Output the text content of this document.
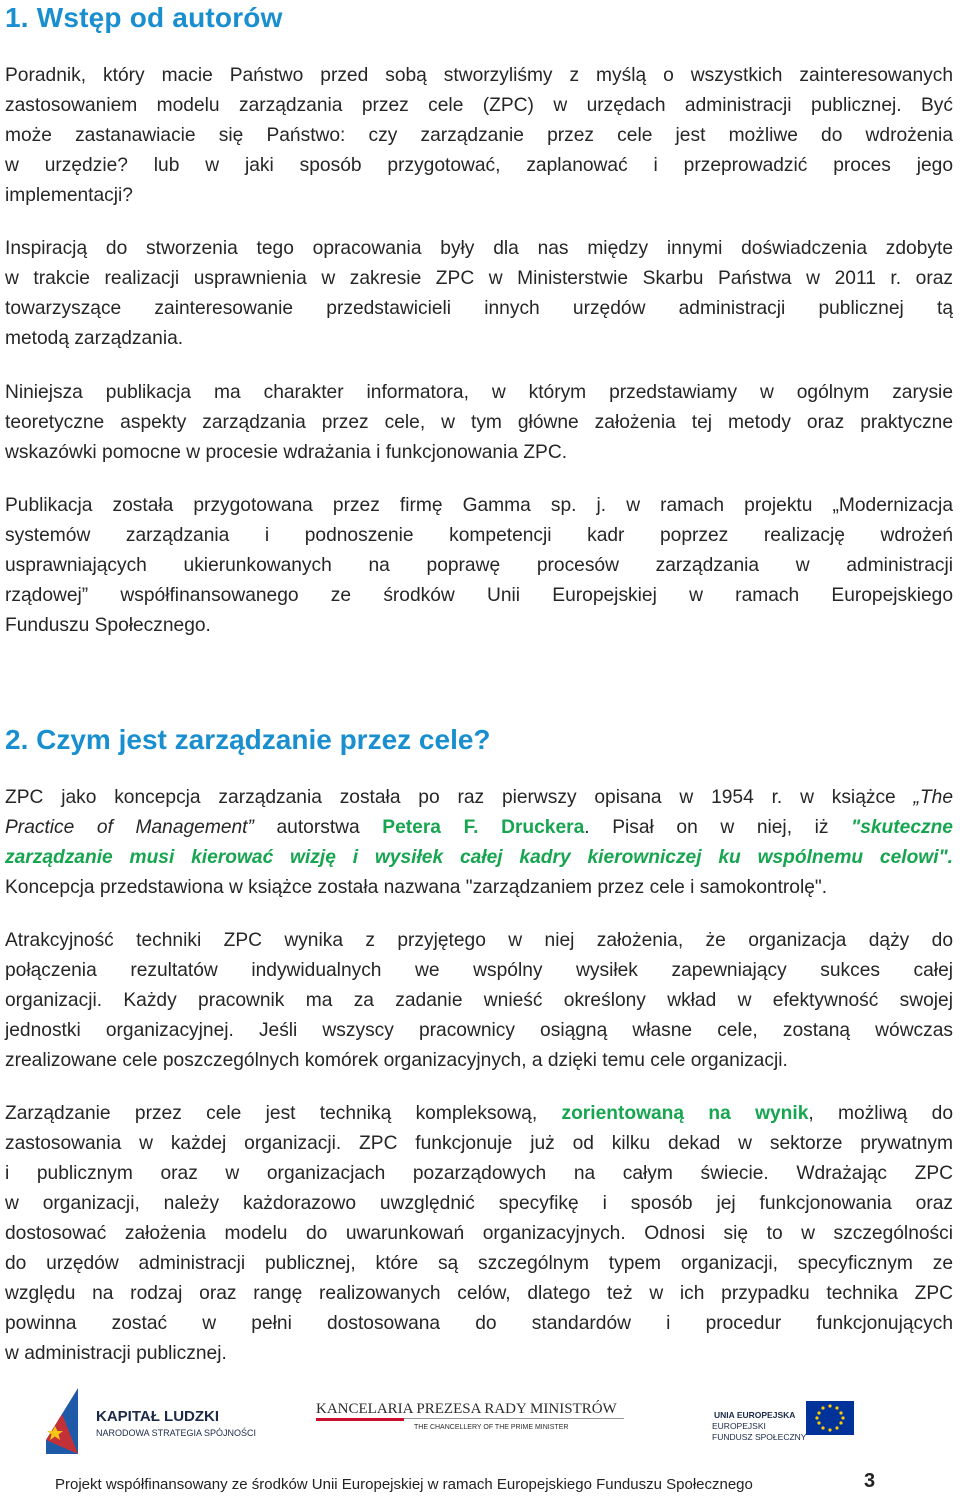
1. Wstęp od autorów
Poradnik, który macie Państwo przed sobą stworzyliśmy z myślą o wszystkich zainteresowanych
zastosowaniem modelu zarządzania przez cele (ZPC) w urzędach administracji publicznej. Być
może zastanawiacie się Państwo: czy zarządzanie przez cele jest możliwe do wdrożenia
w urzędzie? lub w jaki sposób przygotować, zaplanować i przeprowadzić proces jego
implementacji?
Inspiracją do stworzenia tego opracowania były dla nas między innymi doświadczenia zdobyte
w trakcie realizacji usprawnienia w zakresie ZPC w Ministerstwie Skarbu Państwa w 2011 r. oraz
towarzyszące zainteresowanie przedstawicieli innych urzędów administracji publicznej tą
metodą zarządzania.
Niniejsza publikacja ma charakter informatora, w którym przedstawiamy w ogólnym zarysie
teoretyczne aspekty zarządzania przez cele, w tym główne założenia tej metody oraz praktyczne
wskazówki pomocne w procesie wdrażania i funkcjonowania ZPC.
Publikacja została przygotowana przez firmę Gamma sp. j. w ramach projektu „Modernizacja
systemów zarządzania i podnoszenie kompetencji kadr poprzez realizację wdrożeń
usprawniających ukierunkowanych na poprawę procesów zarządzania w administracji
rządowej” współfinansowanego ze środków Unii Europejskiej w ramach Europejskiego
Funduszu Społecznego.
2. Czym jest zarządzanie przez cele?
ZPC jako koncepcja zarządzania została po raz pierwszy opisana w 1954 r. w książce „The
Practice of Management” autorstwa Petera F. Druckera. Pisał on w niej, iż "skuteczne
zarządzanie musi kierować wizję i wysiłek całej kadry kierowniczej ku wspólnemu celowi".
Koncepcja przedstawiona w książce została nazwana "zarządzaniem przez cele i samokontrolę".
Atrakcyjność techniki ZPC wynika z przyjętego w niej założenia, że organizacja dąży do
połączenia rezultatów indywidualnych we wspólny wysiłek zapewniający sukces całej
organizacji. Każdy pracownik ma za zadanie wnieść określony wkład w efektywność swojej
jednostki organizacyjnej. Jeśli wszyscy pracownicy osiągną własne cele, zostaną wówczas
zrealizowane cele poszczególnych komórek organizacyjnych, a dzięki temu cele organizacji.
Zarządzanie przez cele jest techniką kompleksową, zorientowaną na wynik, możliwą do
zastosowania w każdej organizacji. ZPC funkcjonuje już od kilku dekad w sektorze prywatnym
i publicznym oraz w organizacjach pozarządowych na całym świecie. Wdrażając ZPC
w organizacji, należy każdorazowo uwzględnić specyfikę i sposób jej funkcjonowania oraz
dostosować założenia modelu do uwarunkowań organizacyjnych. Odnosi się to w szczególności
do urzędów administracji publicznej, które są szczególnym typem organizacji, specyficznym ze
względu na rodzaj oraz rangę realizowanych celów, dlatego też w ich przypadku technika ZPC
powinna zostać w pełni dostosowana do standardów i procedur funkcjonujących
w administracji publicznej.
KAPITAŁ LUDZKI
NARODOWA STRATEGIA SPÓJNOŚCI
KANCELARIA PREZESA RADY MINISTRÓW
THE CHANCELLERY OF THE PRIME MINISTER
UNIA EUROPEJSKA
EUROPEJSKI
FUNDUSZ SPOŁECZNY
Projekt współfinansowany ze środków Unii Europejskiej w ramach Europejskiego Funduszu Społecznego	3
